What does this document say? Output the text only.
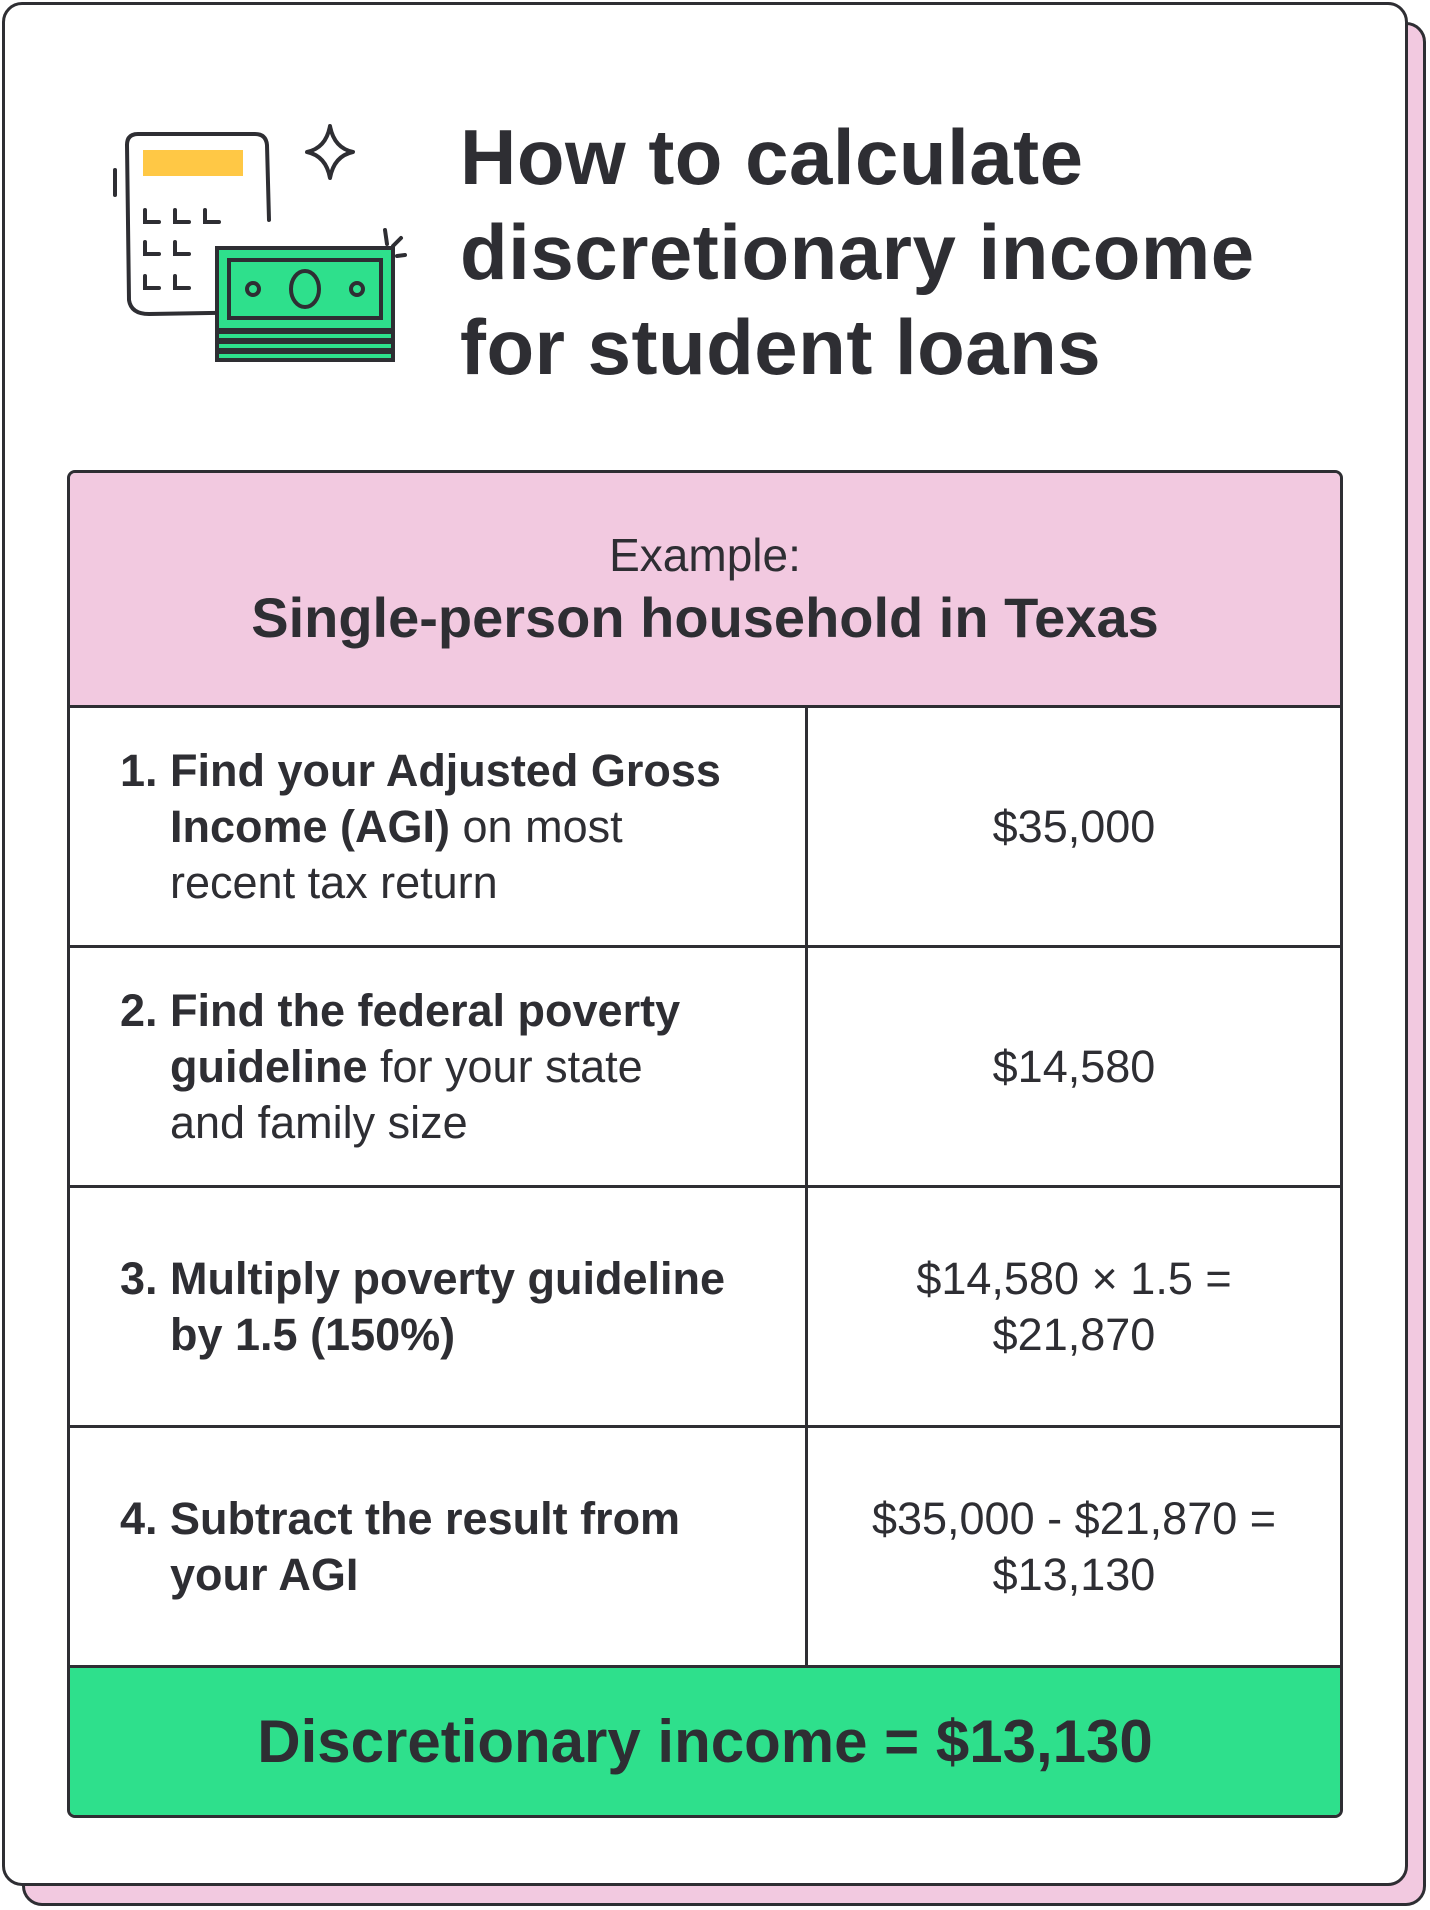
How to calculate
discretionary income
for student loans
Example:
Single-person household in Texas
1. Find your Adjusted Gross Income (AGI) on most recent tax return
$35,000
2. Find the federal poverty guideline for your state and family size
$14,580
3. Multiply poverty guideline by 1.5 (150%)
$14,580 × 1.5 =
$21,870
4. Subtract the result from your AGI
$35,000 - $21,870 =
$13,130
Discretionary income = $13,130
